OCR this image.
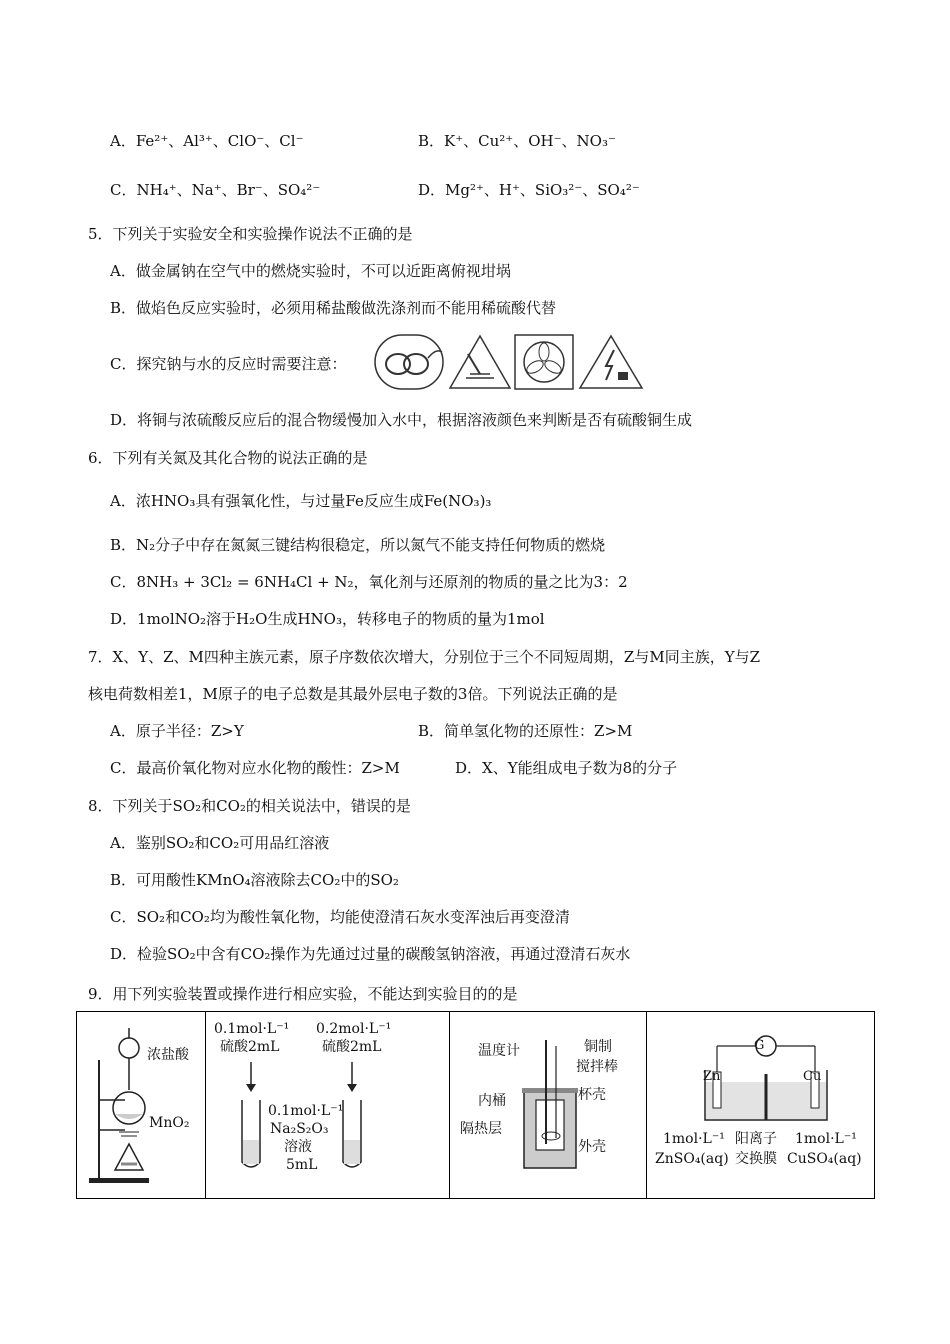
A．Fe²⁺、Al³⁺、ClO⁻、Cl⁻	B．K⁺、Cu²⁺、OH⁻、NO₃⁻
C．NH₄⁺、Na⁺、Br⁻、SO₄²⁻	D．Mg²⁺、H⁺、SiO₃²⁻、SO₄²⁻
5．下列关于实验安全和实验操作说法不正确的是
A．做金属钠在空气中的燃烧实验时，不可以近距离俯视坩埚
B．做焰色反应实验时，必须用稀盐酸做洗涤剂而不能用稀硫酸代替
C．探究钠与水的反应时需要注意：
D．将铜与浓硫酸反应后的混合物缓慢加入水中，根据溶液颜色来判断是否有硫酸铜生成
6．下列有关氮及其化合物的说法正确的是
A．浓HNO₃具有强氧化性，与过量Fe反应生成Fe(NO₃)₃
B．N₂分子中存在氮氮三键结构很稳定，所以氮气不能支持任何物质的燃烧
C．8NH₃ + 3Cl₂ = 6NH₄Cl + N₂，氧化剂与还原剂的物质的量之比为3：2
D．1molNO₂溶于H₂O生成HNO₃，转移电子的物质的量为1mol
7．X、Y、Z、M四种主族元素，原子序数依次增大，分别位于三个不同短周期，Z与M同主族，Y与Z
核电荷数相差1，M原子的电子总数是其最外层电子数的3倍。下列说法正确的是
A．原子半径：Z>Y	B．简单氢化物的还原性：Z>M
C．最高价氧化物对应水化物的酸性：Z>M	D．X、Y能组成电子数为8的分子
8．下列关于SO₂和CO₂的相关说法中，错误的是
A．鉴别SO₂和CO₂可用品红溶液
B．可用酸性KMnO₄溶液除去CO₂中的SO₂
C．SO₂和CO₂均为酸性氧化物，均能使澄清石灰水变浑浊后再变澄清
D．检验SO₂中含有CO₂操作为先通过过量的碳酸氢钠溶液，再通过澄清石灰水
9．用下列实验装置或操作进行相应实验，不能达到实验目的的是
浓盐酸
MnO₂
0.1mol·L⁻¹
硫酸2mL
0.2mol·L⁻¹
硫酸2mL
0.1mol·L⁻¹
Na₂S₂O₃
溶液
5mL
温度计	铜制
搅拌棒
内桶	杯壳
隔热层
外壳
G
Zn	Cu
1mol·L⁻¹
ZnSO₄(aq)
阳离子
交换膜
1mol·L⁻¹
CuSO₄(aq)
